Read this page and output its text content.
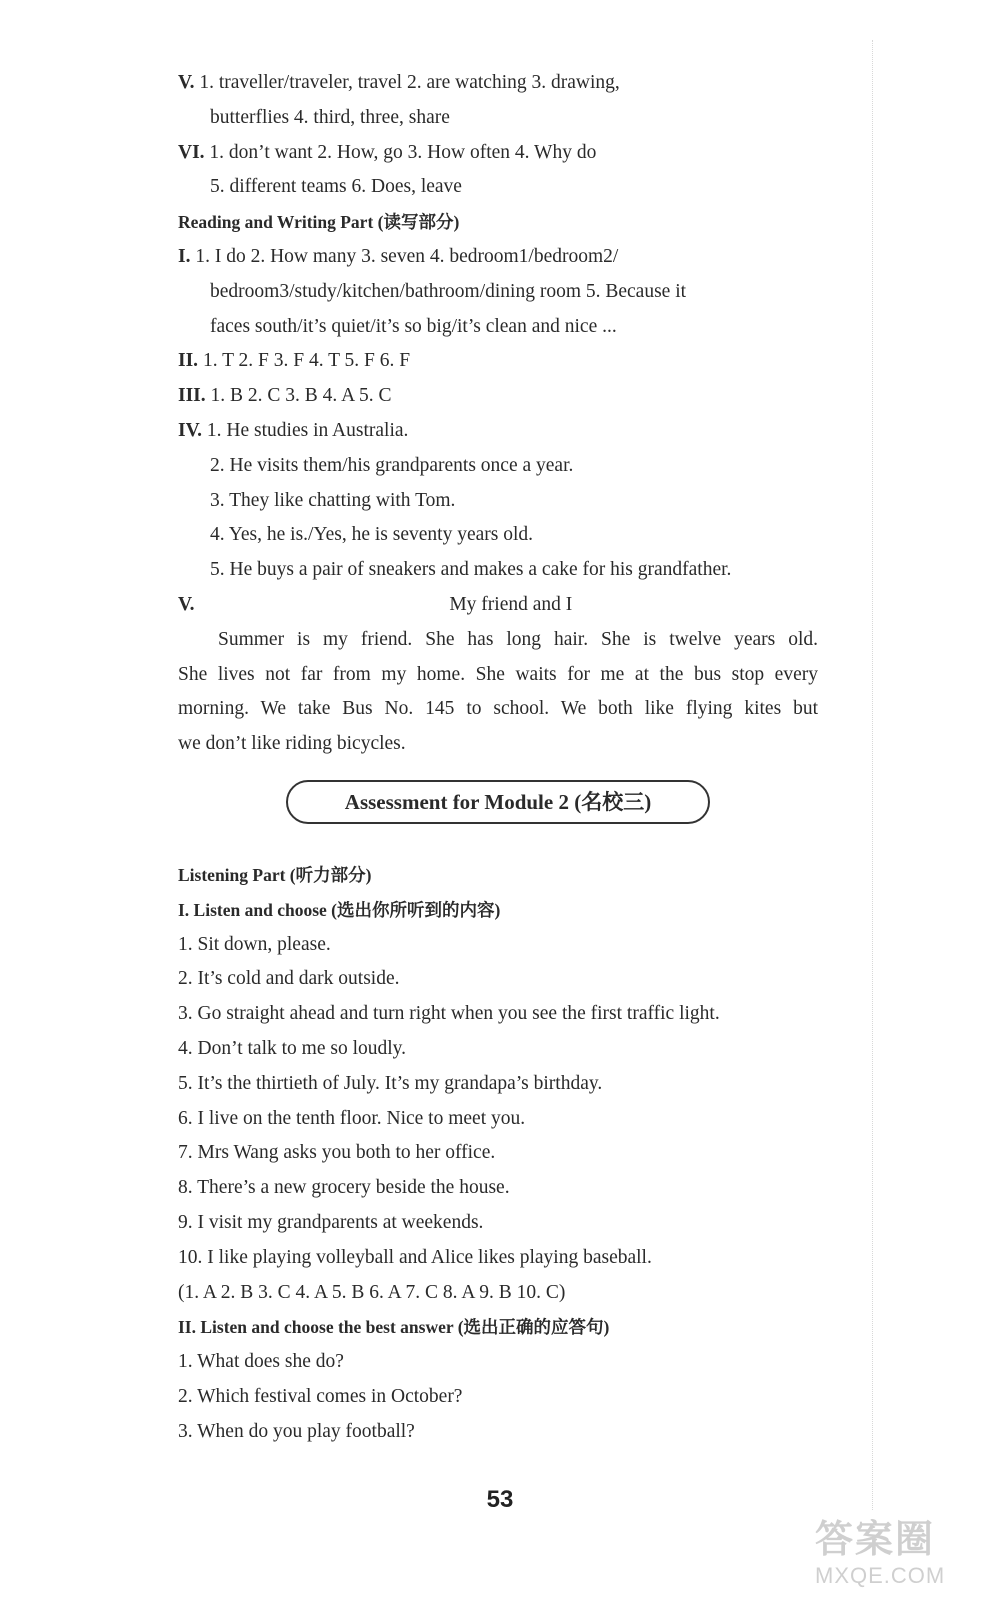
V. 1. traveller/traveler, travel 2. are watching 3. drawing,
butterflies 4. third, three, share
VI. 1. don’t want 2. How, go 3. How often 4. Why do
5. different teams 6. Does, leave
Reading and Writing Part (读写部分)
I. 1. I do 2. How many 3. seven 4. bedroom1/bedroom2/
bedroom3/study/kitchen/bathroom/dining room 5. Because it
faces south/it’s quiet/it’s so big/it’s clean and nice ...
II. 1. T 2. F 3. F 4. T 5. F 6. F
III. 1. B 2. C 3. B 4. A 5. C
IV. 1. He studies in Australia.
2. He visits them/his grandparents once a year.
3. They like chatting with Tom.
4. Yes, he is./Yes, he is seventy years old.
5. He buys a pair of sneakers and makes a cake for his grandfather.
V.	My friend and I
Summer is my friend. She has long hair. She is twelve years old.
She lives not far from my home. She waits for me at the bus stop every
morning. We take Bus No. 145 to school. We both like flying kites but
we don’t like riding bicycles.
Assessment for Module 2 (名校三)
Listening Part (听力部分)
I. Listen and choose (选出你所听到的内容)
1. Sit down, please.
2. It’s cold and dark outside.
3. Go straight ahead and turn right when you see the first traffic light.
4. Don’t talk to me so loudly.
5. It’s the thirtieth of July. It’s my grandapa’s birthday.
6. I live on the tenth floor. Nice to meet you.
7. Mrs Wang asks you both to her office.
8. There’s a new grocery beside the house.
9. I visit my grandparents at weekends.
10. I like playing volleyball and Alice likes playing baseball.
(1. A 2. B 3. C 4. A 5. B 6. A 7. C 8. A 9. B 10. C)
II. Listen and choose the best answer (选出正确的应答句)
1. What does she do?
2. Which festival comes in October?
3. When do you play football?
53
答案圈
MXQE.COM
